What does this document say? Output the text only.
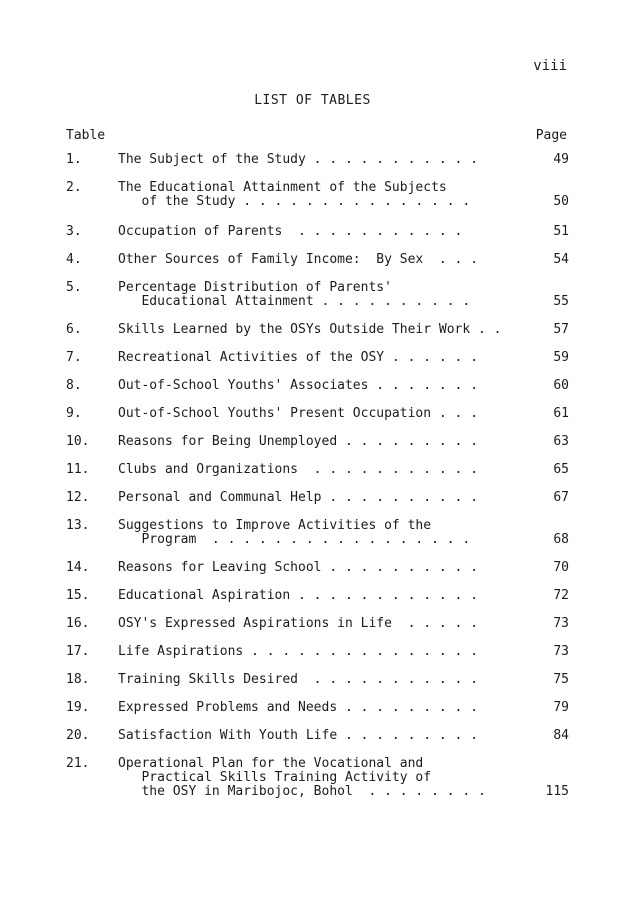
viii
LIST OF TABLES
Table	Page
1.	The Subject of the Study . . . . . . . . . . .	49
2.	The Educational Attainment of the Subjects
of the Study . . . . . . . . . . . . . . .	50
3.	Occupation of Parents  . . . . . . . . . . .	51
4.	Other Sources of Family Income:  By Sex  . . .	54
5.	Percentage Distribution of Parents'
Educational Attainment . . . . . . . . . .	55
6.	Skills Learned by the OSYs Outside Their Work . .	57
7.	Recreational Activities of the OSY . . . . . .	59
8.	Out-of-School Youths' Associates . . . . . . .	60
9.	Out-of-School Youths' Present Occupation . . .	61
10.	Reasons for Being Unemployed . . . . . . . . .	63
11.	Clubs and Organizations  . . . . . . . . . . .	65
12.	Personal and Communal Help . . . . . . . . . .	67
13.	Suggestions to Improve Activities of the
Program  . . . . . . . . . . . . . . . . .	68
14.	Reasons for Leaving School . . . . . . . . . .	70
15.	Educational Aspiration . . . . . . . . . . . .	72
16.	OSY's Expressed Aspirations in Life  . . . . .	73
17.	Life Aspirations . . . . . . . . . . . . . . .	73
18.	Training Skills Desired  . . . . . . . . . . .	75
19.	Expressed Problems and Needs . . . . . . . . .	79
20.	Satisfaction With Youth Life . . . . . . . . .	84
21.	Operational Plan for the Vocational and
Practical Skills Training Activity of
the OSY in Maribojoc, Bohol  . . . . . . . .	115
